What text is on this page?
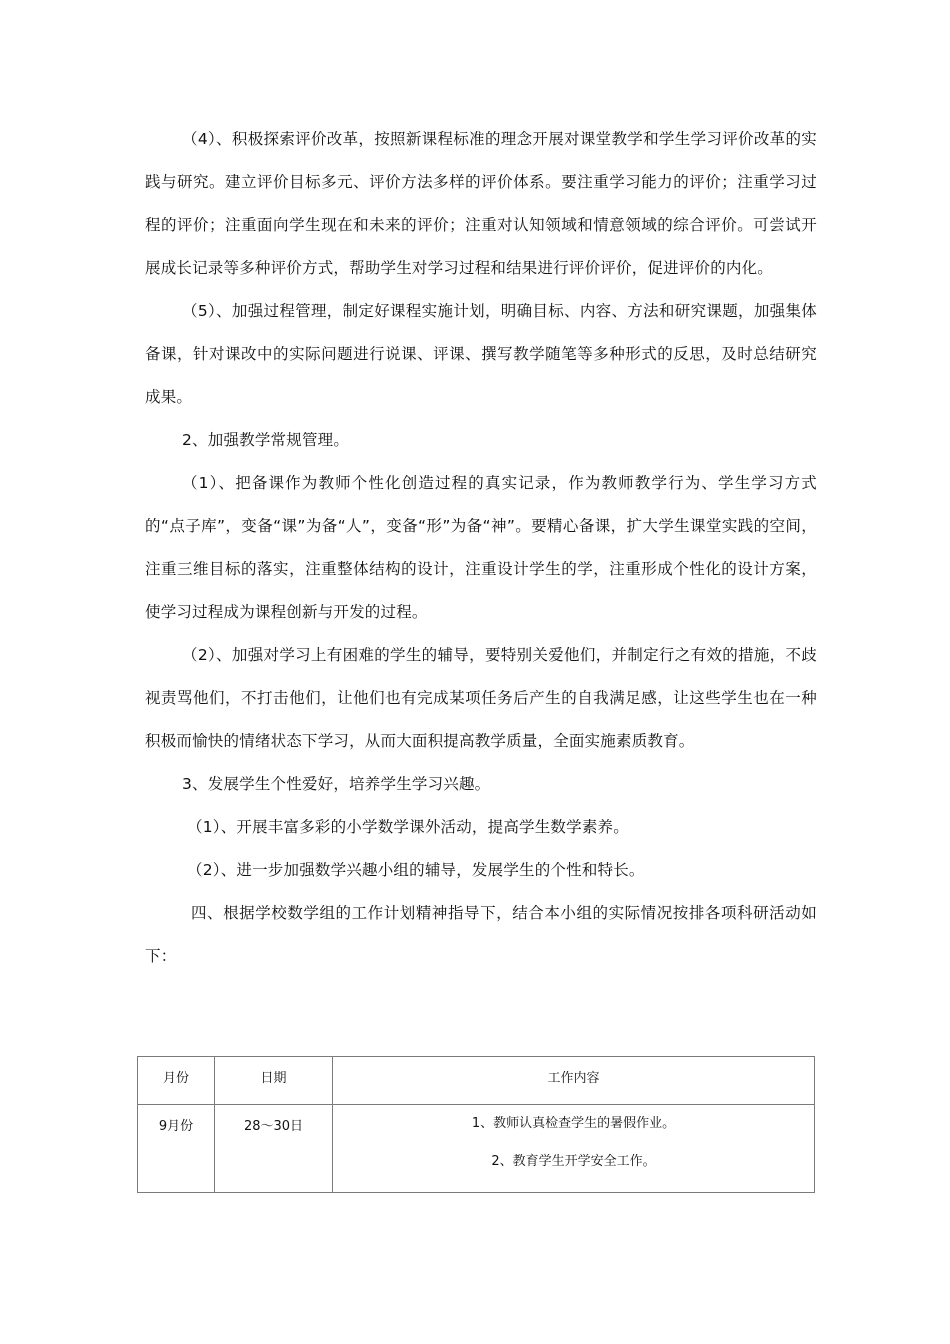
（4）、积极探索评价改革，按照新课程标准的理念开展对课堂教学和学生学习评价改革的实践与研究。建立评价目标多元、评价方法多样的评价体系。要注重学习能力的评价；注重学习过程的评价；注重面向学生现在和未来的评价；注重对认知领域和情意领域的综合评价。可尝试开展成长记录等多种评价方式，帮助学生对学习过程和结果进行评价评价，促进评价的内化。

（5）、加强过程管理，制定好课程实施计划，明确目标、内容、方法和研究课题，加强集体备课，针对课改中的实际问题进行说课、评课、撰写教学随笔等多种形式的反思，及时总结研究成果。

2、加强教学常规管理。

（1）、把备课作为教师个性化创造过程的真实记录，作为教师教学行为、学生学习方式的“点子库”，变备“课”为备“人”，变备“形”为备“神”。要精心备课，扩大学生课堂实践的空间，注重三维目标的落实，注重整体结构的设计，注重设计学生的学，注重形成个性化的设计方案，使学习过程成为课程创新与开发的过程。

（2）、加强对学习上有困难的学生的辅导，要特别关爱他们，并制定行之有效的措施，不歧视责骂他们，不打击他们，让他们也有完成某项任务后产生的自我满足感，让这些学生也在一种积极而愉快的情绪状态下学习，从而大面积提高教学质量，全面实施素质教育。

3、发展学生个性爱好，培养学生学习兴趣。

（1）、开展丰富多彩的小学数学课外活动，提高学生数学素养。

（2）、进一步加强数学兴趣小组的辅导，发展学生的个性和特长。

四、根据学校数学组的工作计划精神指导下，结合本小组的实际情况按排各项科研活动如下：

月份	日期	工作内容
9月份	28～30日	1、教师认真检查学生的暑假作业。
2、教育学生开学安全工作。
